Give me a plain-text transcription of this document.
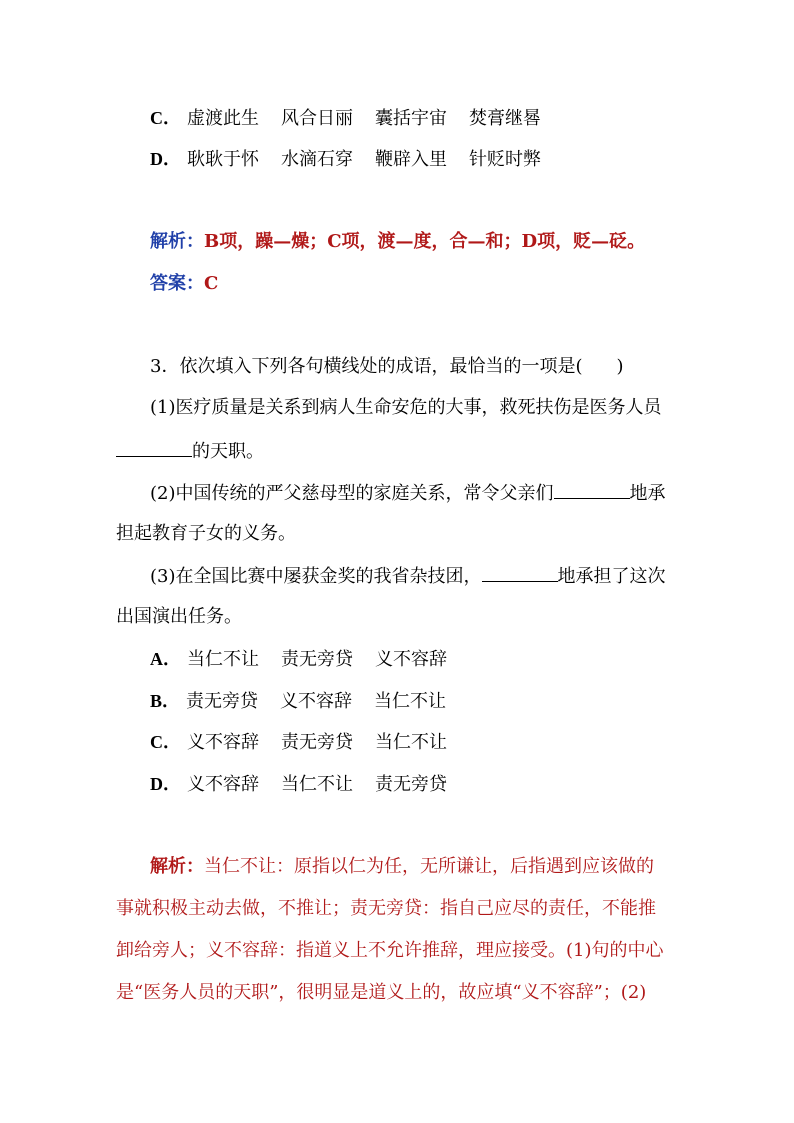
C． 虚渡此生 风合日丽 囊括宇宙 焚膏继晷
D． 耿耿于怀 水滴石穿 鞭辟入里 针贬时弊
解析：B项，躁—燥；C项，渡—度，合—和；D项，贬—砭。
答案：C
3．依次填入下列各句横线处的成语，最恰当的一项是( )
(1)医疗质量是关系到病人生命安危的大事，救死扶伤是医务人员
的天职。
(2)中国传统的严父慈母型的家庭关系，常令父亲们	地承
担起教育子女的义务。
(3)在全国比赛中屡获金奖的我省杂技团，	地承担了这次
出国演出任务。
A． 当仁不让 责无旁贷 义不容辞
B． 责无旁贷 义不容辞 当仁不让
C． 义不容辞 责无旁贷 当仁不让
D． 义不容辞 当仁不让 责无旁贷
解析：当仁不让：原指以仁为任，无所谦让，后指遇到应该做的
事就积极主动去做，不推让；责无旁贷：指自己应尽的责任，不能推
卸给旁人；义不容辞：指道义上不允许推辞，理应接受。(1)句的中心
是“医务人员的天职”，很明显是道义上的，故应填“义不容辞”；(2)
